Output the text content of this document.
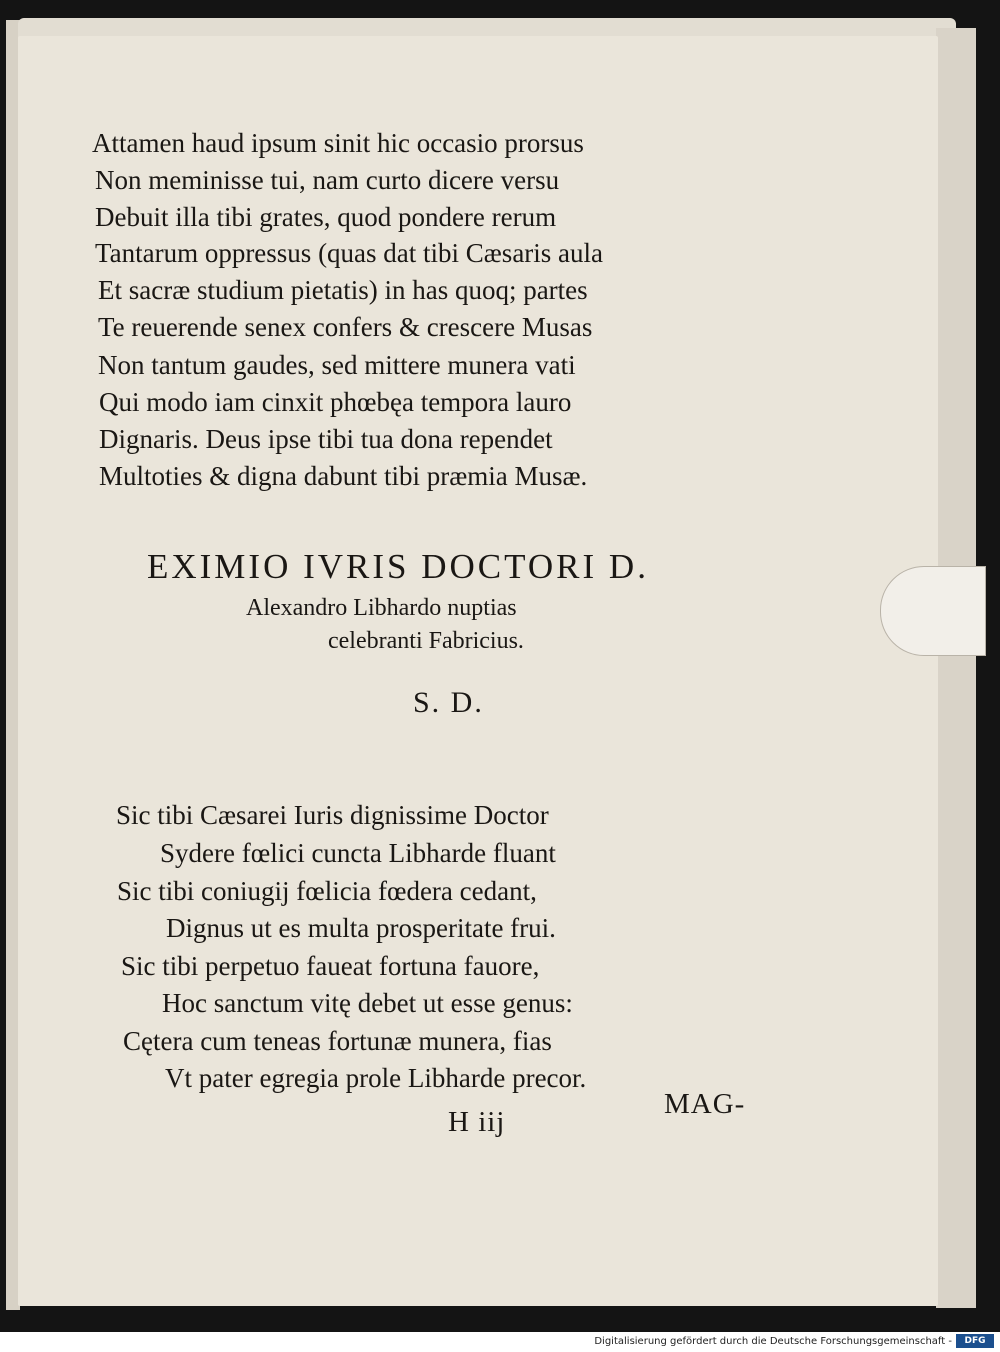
Attamen haud ipsum sinit hic occasio prorsus
Non meminisse tui, nam curto dicere versu
Debuit illa tibi grates, quod pondere rerum
Tantarum oppressus (quas dat tibi Cæsaris aula
Et sacræ studium pietatis) in has quoq; partes
Te reuerende senex confers & crescere Musas
Non tantum gaudes, sed mittere munera vati
Qui modo iam cinxit phœbęa tempora lauro
Dignaris. Deus ipse tibi tua dona rependet
Multoties & digna dabunt tibi præmia Musæ.
EXIMIO IVRIS DOCTORI D.
Alexandro Libhardo nuptias
celebranti Fabricius.
S. D.
Sic tibi Cæsarei Iuris dignissime Doctor
Sydere fœlici cuncta Libharde fluant
Sic tibi coniugij fœlicia fœdera cedant,
Dignus ut es multa prosperitate frui.
Sic tibi perpetuo faueat fortuna fauore,
Hoc sanctum vitę debet ut esse genus:
Cętera cum teneas fortunæ munera, fias
Vt pater egregia prole Libharde precor.
H iij
MAG-
Digitalisierung gefördert durch die Deutsche Forschungsgemeinschaft -	DFG
